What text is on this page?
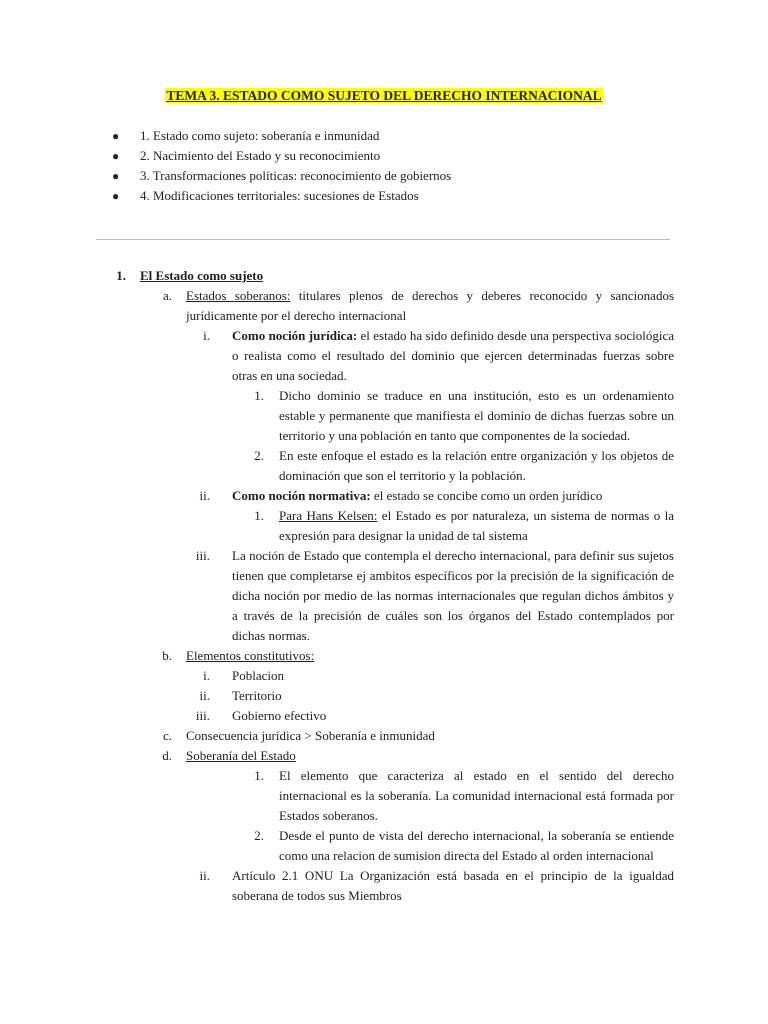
TEMA 3. ESTADO COMO SUJETO DEL DERECHO INTERNACIONAL
● 1. Estado como sujeto: soberanía e inmunidad
● 2. Nacimiento del Estado y su reconocimiento
● 3. Transformaciones políticas: reconocimiento de gobiernos
● 4. Modificaciones territoriales: sucesiones de Estados
1. El Estado como sujeto
a. Estados soberanos: titulares plenos de derechos y deberes reconocido y sancionados jurídicamente por el derecho internacional
i. Como noción jurídica: el estado ha sido definido desde una perspectiva sociológica o realista como el resultado del dominio que ejercen determinadas fuerzas sobre otras en una sociedad.
1. Dicho dominio se traduce en una institución, esto es un ordenamiento estable y permanente que manifiesta el dominio de dichas fuerzas sobre un territorio y una población en tanto que componentes de la sociedad.
2. En este enfoque el estado es la relación entre organización y los objetos de dominación que son el territorio y la población.
ii. Como noción normativa: el estado se concibe como un orden jurídico
1. Para Hans Kelsen: el Estado es por naturaleza, un sistema de normas o la expresión para designar la unidad de tal sistema
iii. La noción de Estado que contempla el derecho internacional, para definir sus sujetos tienen que completarse ej ambitos específicos por la precisión de la significación de dicha noción por medio de las normas internacionales que regulan dichos ámbitos y a través de la precisión de cuáles son los órganos del Estado contemplados por dichas normas.
b. Elementos constitutivos:
i. Poblacion
ii. Territorio
iii. Gobierno efectivo
c. Consecuencia jurídica > Soberanía e inmunidad
d. Soberanía del Estado
1. El elemento que caracteriza al estado en el sentido del derecho internacional es la soberanía. La comunidad internacional está formada por Estados soberanos.
2. Desde el punto de vista del derecho internacional, la soberanía se entiende como una relacion de sumision directa del Estado al orden internacional
ii. Artículo 2.1 ONU La Organización está basada en el principio de la igualdad soberana de todos sus Miembros
